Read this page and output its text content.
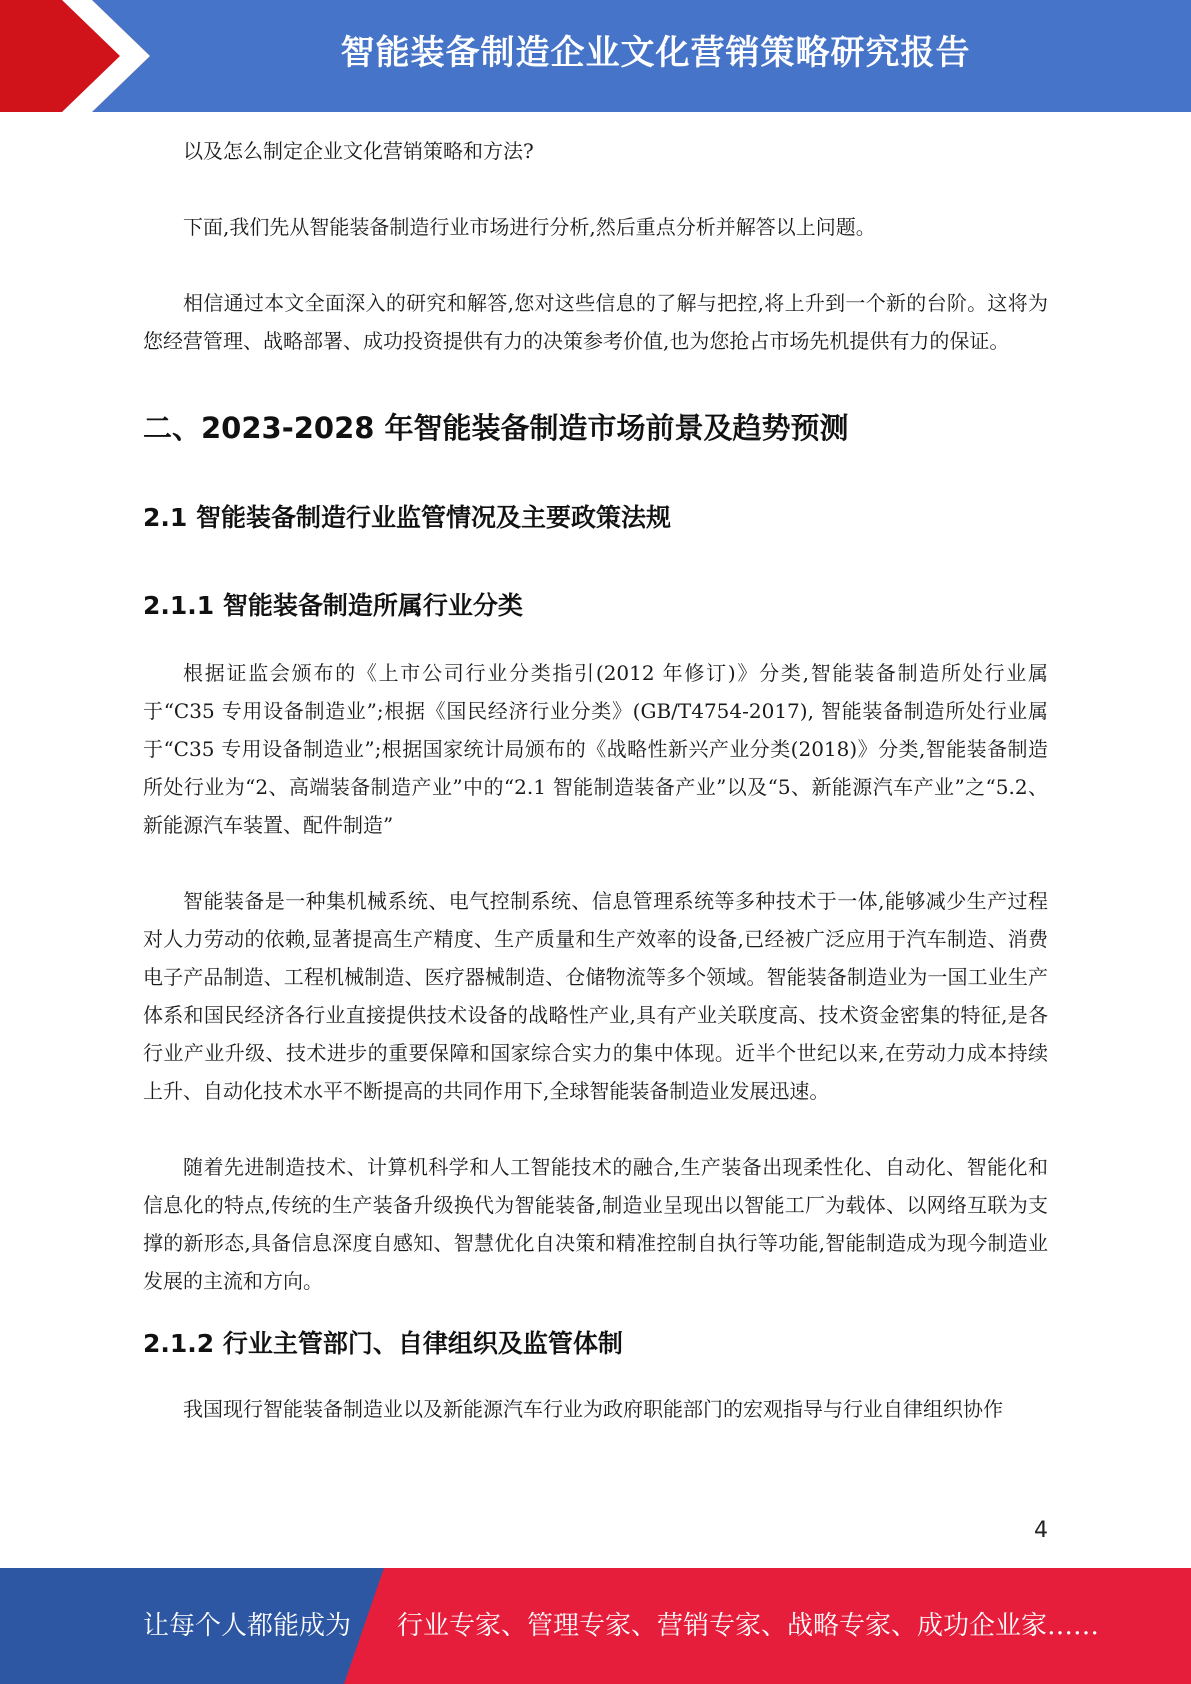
智能装备制造企业文化营销策略研究报告

以及怎么制定企业文化营销策略和方法?

下面,我们先从智能装备制造行业市场进行分析,然后重点分析并解答以上问题。

相信通过本文全面深入的研究和解答,您对这些信息的了解与把控,将上升到一个新的台阶。这将为您经营管理、战略部署、成功投资提供有力的决策参考价值,也为您抢占市场先机提供有力的保证。

二、2023-2028 年智能装备制造市场前景及趋势预测
2.1 智能装备制造行业监管情况及主要政策法规
2.1.1 智能装备制造所属行业分类

根据证监会颁布的《上市公司行业分类指引(2012 年修订)》分类,智能装备制造所处行业属于“C35 专用设备制造业”;根据《国民经济行业分类》(GB/T4754-2017), 智能装备制造所处行业属于“C35 专用设备制造业”;根据国家统计局颁布的《战略性新兴产业分类(2018)》分类,智能装备制造所处行业为“2、高端装备制造产业”中的“2.1 智能制造装备产业”以及“5、新能源汽车产业”之“5.2、新能源汽车装置、配件制造”

智能装备是一种集机械系统、电气控制系统、信息管理系统等多种技术于一体,能够减少生产过程对人力劳动的依赖,显著提高生产精度、生产质量和生产效率的设备,已经被广泛应用于汽车制造、消费电子产品制造、工程机械制造、医疗器械制造、仓储物流等多个领域。智能装备制造业为一国工业生产体系和国民经济各行业直接提供技术设备的战略性产业,具有产业关联度高、技术资金密集的特征,是各行业产业升级、技术进步的重要保障和国家综合实力的集中体现。近半个世纪以来,在劳动力成本持续上升、自动化技术水平不断提高的共同作用下,全球智能装备制造业发展迅速。

随着先进制造技术、计算机科学和人工智能技术的融合,生产装备出现柔性化、自动化、智能化和信息化的特点,传统的生产装备升级换代为智能装备,制造业呈现出以智能工厂为载体、以网络互联为支撑的新形态,具备信息深度自感知、智慧优化自决策和精准控制自执行等功能,智能制造成为现今制造业发展的主流和方向。

2.1.2 行业主管部门、自律组织及监管体制

我国现行智能装备制造业以及新能源汽车行业为政府职能部门的宏观指导与行业自律组织协作

4
让每个人都能成为 行业专家、管理专家、营销专家、战略专家、成功企业家……
